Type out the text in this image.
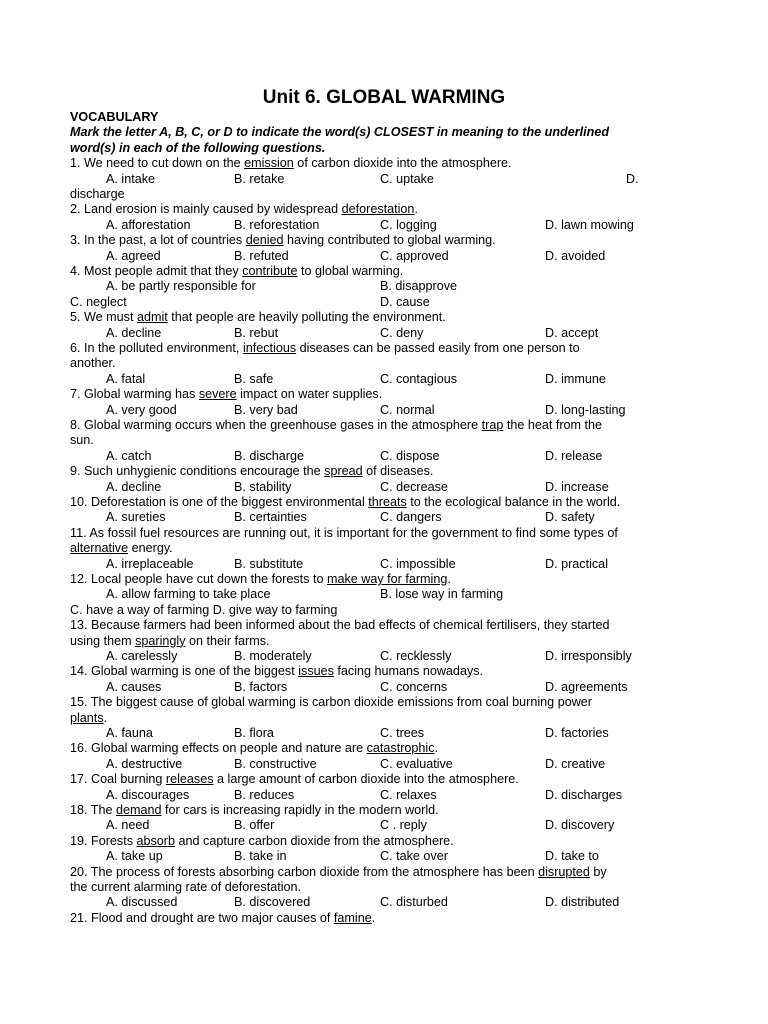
Unit 6. GLOBAL WARMING
VOCABULARY
Mark the letter A, B, C, or D to indicate the word(s) CLOSEST in meaning to the underlined
word(s) in each of the following questions.
1. We need to cut down on the emission of carbon dioxide into the atmosphere.
A. intake	B. retake	C. uptake	D.
discharge
2. Land erosion is mainly caused by widespread deforestation.
A. afforestation	B. reforestation	C. logging	D. lawn mowing
3. In the past, a lot of countries denied having contributed to global warming.
A. agreed	B. refuted	C. approved	D. avoided
4. Most people admit that they contribute to global warming.
A. be partly responsible for	B. disapprove
C. neglect	D. cause
5. We must admit that people are heavily polluting the environment.
A. decline	B. rebut	C. deny	D. accept
6. In the polluted environment, infectious diseases can be passed easily from one person to
another.
A. fatal	B. safe	C. contagious	D. immune
7. Global warming has severe impact on water supplies.
A. very good	B. very bad	C. normal	D. long-lasting
8. Global warming occurs when the greenhouse gases in the atmosphere trap the heat from the
sun.
A. catch	B. discharge	C. dispose	D. release
9. Such unhygienic conditions encourage the spread of diseases.
A. decline	B. stability	C. decrease	D. increase
10. Deforestation is one of the biggest environmental threats to the ecological balance in the world.
A. sureties	B. certainties	C. dangers	D. safety
11. As fossil fuel resources are running out, it is important for the government to find some types of
alternative energy.
A. irreplaceable	B. substitute	C. impossible	D. practical
12. Local people have cut down the forests to make way for farming.
A. allow farming to take place	B. lose way in farming
C. have a way of farming D. give way to farming
13. Because farmers had been informed about the bad effects of chemical fertilisers, they started
using them sparingly on their farms.
A. carelessly	B. moderately	C. recklessly	D. irresponsibly
14. Global warming is one of the biggest issues facing humans nowadays.
A. causes	B. factors	C. concerns	D. agreements
15. The biggest cause of global warming is carbon dioxide emissions from coal burning power
plants.
A. fauna	B. flora	C. trees	D. factories
16. Global warming effects on people and nature are catastrophic.
A. destructive	B. constructive	C. evaluative	D. creative
17. Coal burning releases a large amount of carbon dioxide into the atmosphere.
A. discourages	B. reduces	C. relaxes	D. discharges
18. The demand for cars is increasing rapidly in the modern world.
A. need	B. offer	C . reply	D. discovery
19. Forests absorb and capture carbon dioxide from the atmosphere.
A. take up	B. take in	C. take over	D. take to
20. The process of forests absorbing carbon dioxide from the atmosphere has been disrupted by
the current alarming rate of deforestation.
A. discussed	B. discovered	C. disturbed	D. distributed
21. Flood and drought are two major causes of famine.
